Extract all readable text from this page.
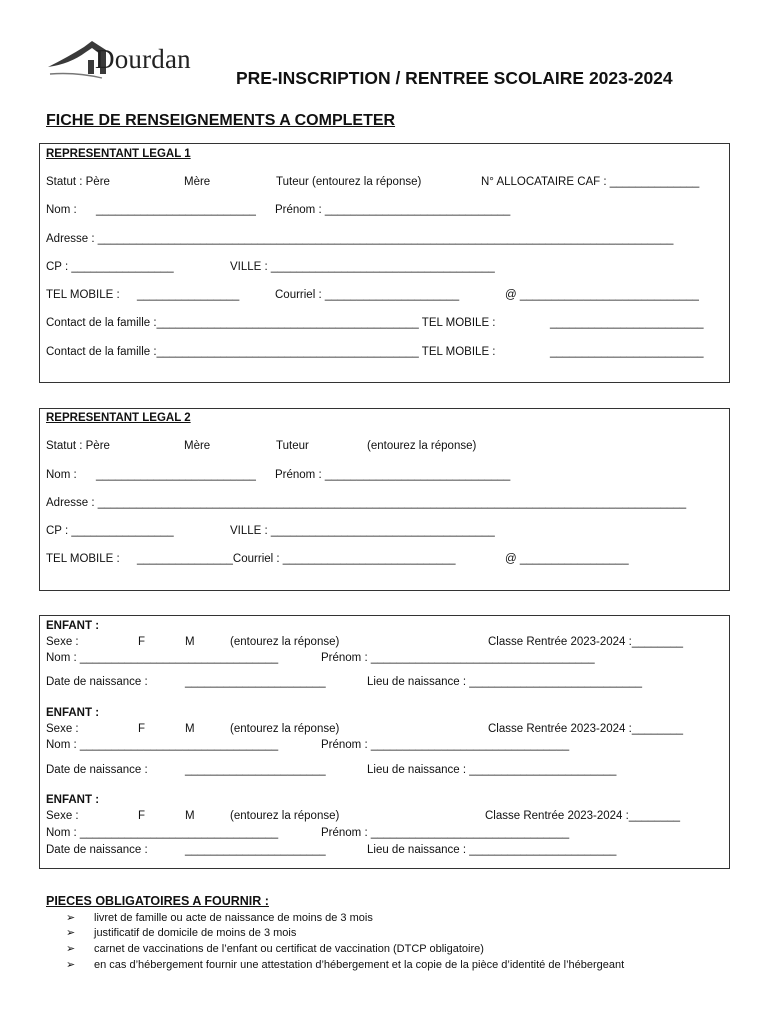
Dourdan
PRE-INSCRIPTION / RENTREE SCOLAIRE 2023-2024
FICHE DE RENSEIGNEMENTS A COMPLETER
REPRESENTANT LEGAL 1
Statut : Père	Mère	Tuteur (entourez la réponse)	N° ALLOCATAIRE CAF : ______________
Nom : _________________________ Prénom : _____________________________
Adresse : __________________________________________________________________________________________
CP : ________________	VILLE : ___________________________________
TEL MOBILE : ________________	Courriel : _____________________	@ ____________________________
Contact de la famille :_________________________________________ TEL MOBILE :	________________________
Contact de la famille :_________________________________________ TEL MOBILE :	________________________
REPRESENTANT LEGAL 2
Statut : Père	Mère	Tuteur	(entourez la réponse)
Nom : _________________________ Prénom : _____________________________
Adresse : ____________________________________________________________________________________________
CP : ________________	VILLE : ___________________________________
TEL MOBILE : _______________Courriel : ___________________________	@ _________________
ENFANT :
Sexe :	F	M	(entourez la réponse)	Classe Rentrée 2023-2024 :________
Nom : _______________________________	Prénom : ___________________________________
Date de naissance :	______________________	Lieu de naissance : ___________________________
ENFANT :
Sexe :	F	M	(entourez la réponse)	Classe Rentrée 2023-2024 :________
Nom : _______________________________	Prénom : _______________________________
Date de naissance :	______________________	Lieu de naissance : _______________________
ENFANT :
Sexe :	F	M	(entourez la réponse)	Classe Rentrée 2023-2024 :________
Nom : _______________________________	Prénom : _______________________________
Date de naissance :	______________________	Lieu de naissance : _______________________
PIECES OBLIGATOIRES A FOURNIR :
➢ livret de famille ou acte de naissance de moins de 3 mois
➢ justificatif de domicile de moins de 3 mois
➢ carnet de vaccinations de l’enfant ou certificat de vaccination (DTCP obligatoire)
➢ en cas d’hébergement fournir une attestation d’hébergement et la copie de la pièce d’identité de l’hébergeant
